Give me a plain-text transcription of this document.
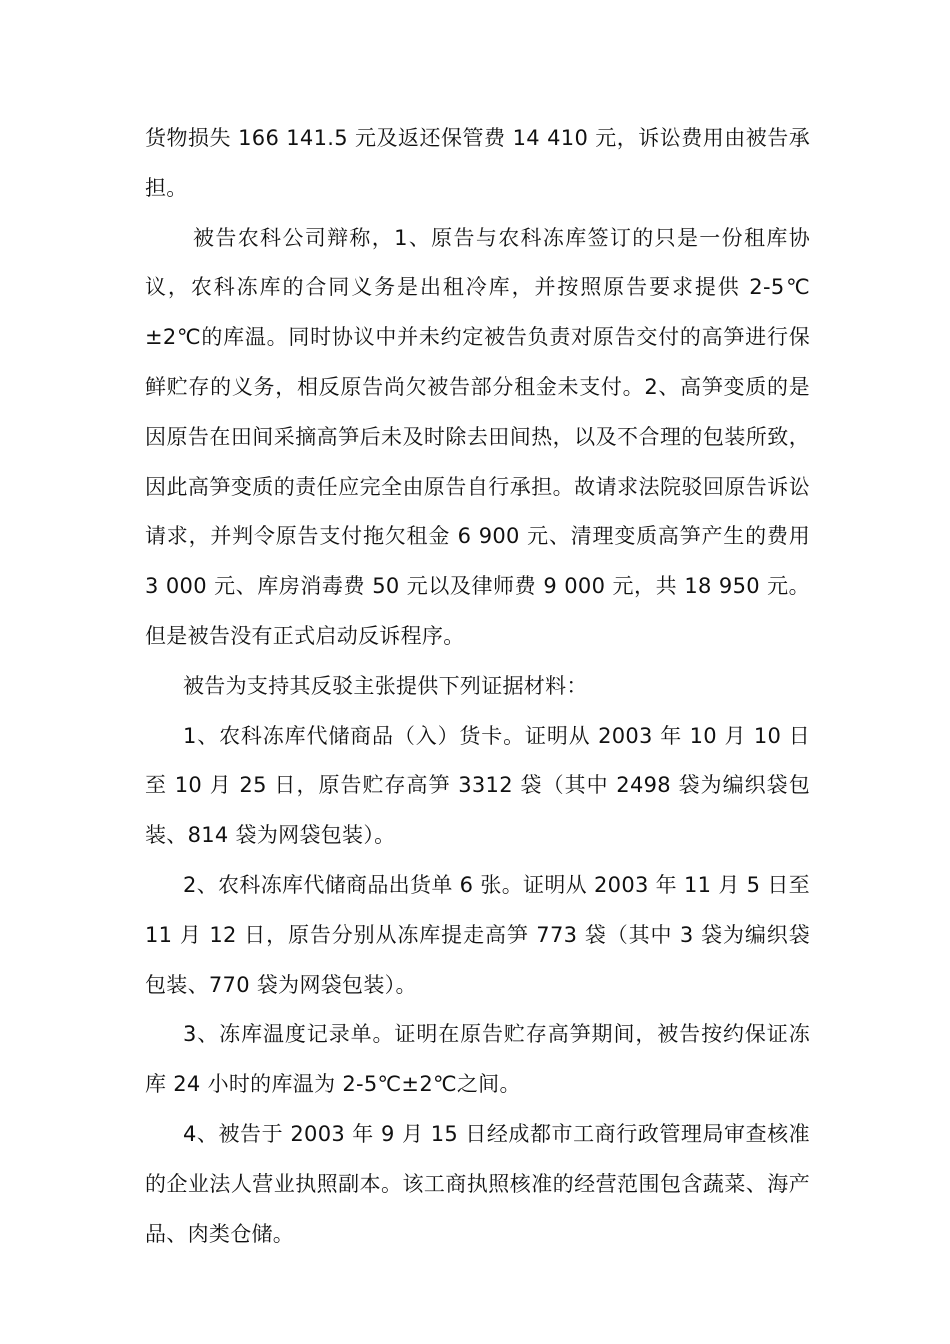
货物损失 166 141.5 元及返还保管费 14 410 元，诉讼费用由被告承担。

被告农科公司辩称，1、原告与农科冻库签订的只是一份租库协议，农科冻库的合同义务是出租冷库，并按照原告要求提供 2-5℃±2℃的库温。同时协议中并未约定被告负责对原告交付的高笋进行保鲜贮存的义务，相反原告尚欠被告部分租金未支付。2、高笋变质的是因原告在田间采摘高笋后未及时除去田间热，以及不合理的包装所致，因此高笋变质的责任应完全由原告自行承担。故请求法院驳回原告诉讼请求，并判令原告支付拖欠租金 6 900 元、清理变质高笋产生的费用 3 000 元、库房消毒费 50 元以及律师费 9 000 元，共 18 950 元。但是被告没有正式启动反诉程序。

被告为支持其反驳主张提供下列证据材料：

1、农科冻库代储商品（入）货卡。证明从 2003 年 10 月 10 日至 10 月 25 日，原告贮存高笋 3312 袋（其中 2498 袋为编织袋包装、814 袋为网袋包装）。

2、农科冻库代储商品出货单 6 张。证明从 2003 年 11 月 5 日至 11 月 12 日，原告分别从冻库提走高笋 773 袋（其中 3 袋为编织袋包装、770 袋为网袋包装）。

3、冻库温度记录单。证明在原告贮存高笋期间，被告按约保证冻库 24 小时的库温为 2-5℃±2℃之间。

4、被告于 2003 年 9 月 15 日经成都市工商行政管理局审查核准的企业法人营业执照副本。该工商执照核准的经营范围包含蔬菜、海产品、肉类仓储。
